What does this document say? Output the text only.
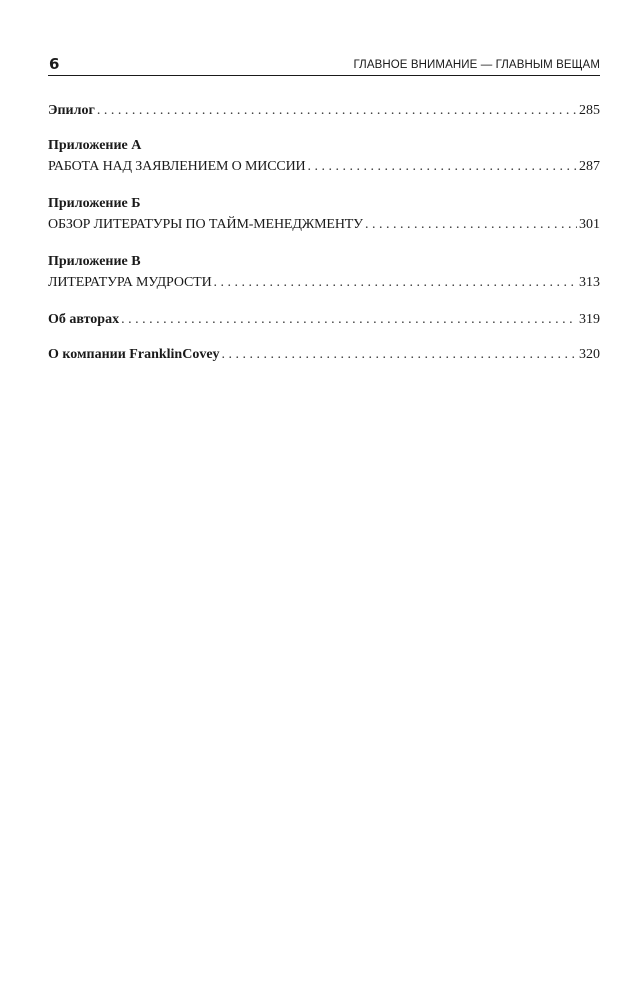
6	ГЛАВНОЕ ВНИМАНИЕ — ГЛАВНЫМ ВЕЩАМ
Эпилог . . .	285
Приложение А
РАБОТА НАД ЗАЯВЛЕНИЕМ О МИССИИ . . .	287
Приложение Б
ОБЗОР ЛИТЕРАТУРЫ ПО ТАЙМ-МЕНЕДЖМЕНТУ . . .	301
Приложение В
ЛИТЕРАТУРА МУДРОСТИ . . .	313
Об авторах . . .	319
О компании FranklinCovey . . .	320
